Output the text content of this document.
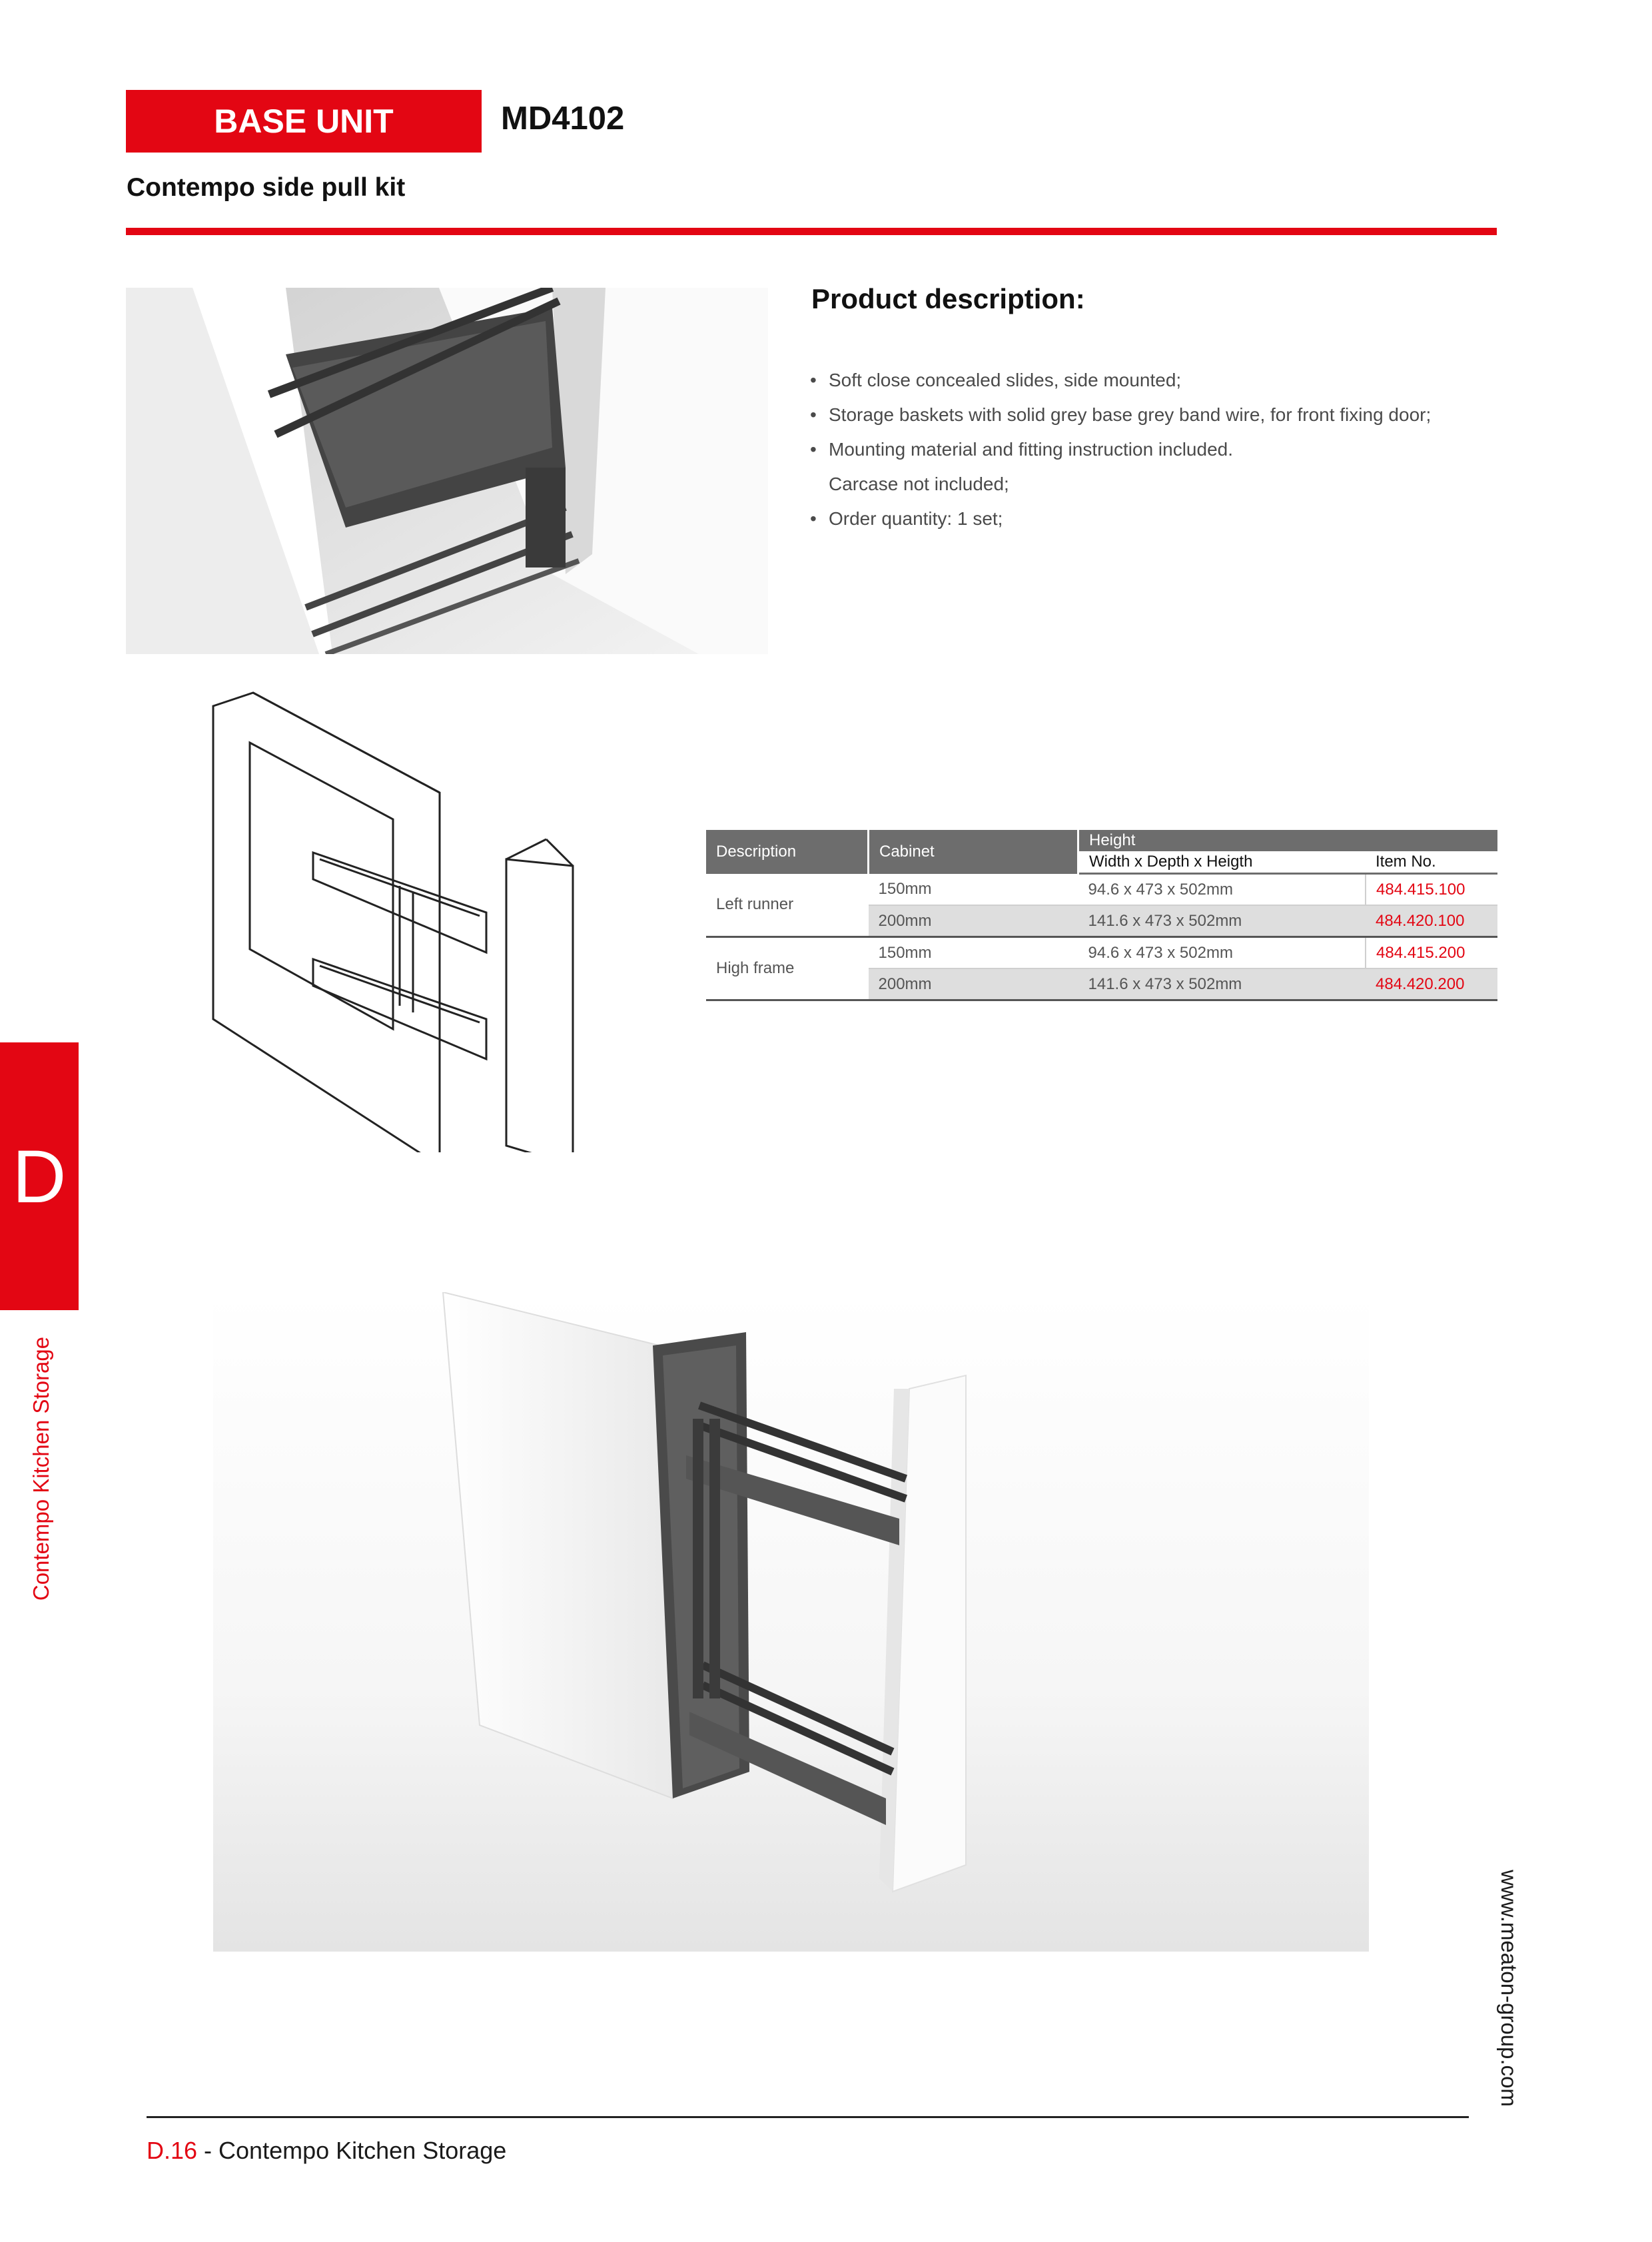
BASE UNIT	MD4102
Contempo side pull kit
Product description:
• Soft close concealed slides, side mounted;
• Storage baskets with solid grey base grey band wire, for front fixing door;
• Mounting material and fitting instruction included.
Carcase not included;
• Order quantity: 1 set;
Description	Cabinet	Height	
		Width x Depth x Heigth	Item No.
Left runner	150mm	94.6 x 473 x 502mm	484.415.100
	200mm	141.6 x 473 x 502mm	484.420.100
High frame	150mm	94.6 x 473 x 502mm	484.415.200
	200mm	141.6 x 473 x 502mm	484.420.200
D
Contempo Kitchen Storage
www.meaton-group.com
D.16 - Contempo Kitchen Storage
